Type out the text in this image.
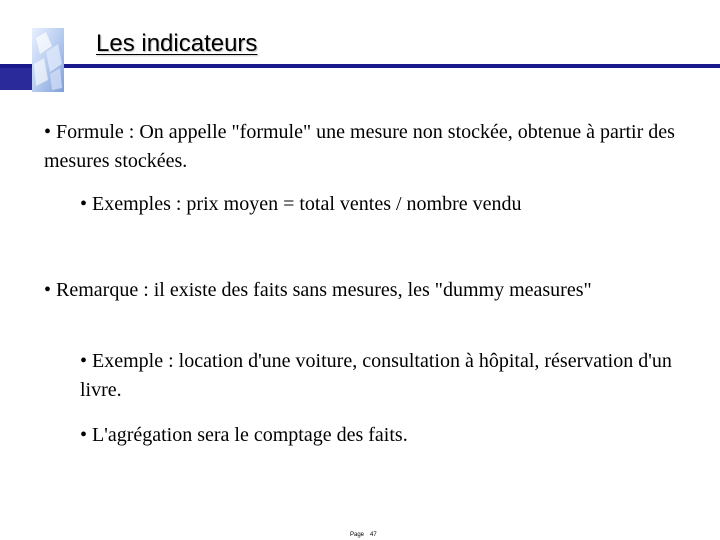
Les indicateurs

• Formule : On appelle "formule" une mesure non stockée, obtenue à partir des mesures stockées.

• Exemples : prix moyen = total ventes / nombre vendu

• Remarque : il existe des faits sans mesures, les "dummy measures"

• Exemple : location d'une voiture, consultation à hôpital, réservation d'un livre.

• L'agrégation sera le comptage des faits.

Page 47
